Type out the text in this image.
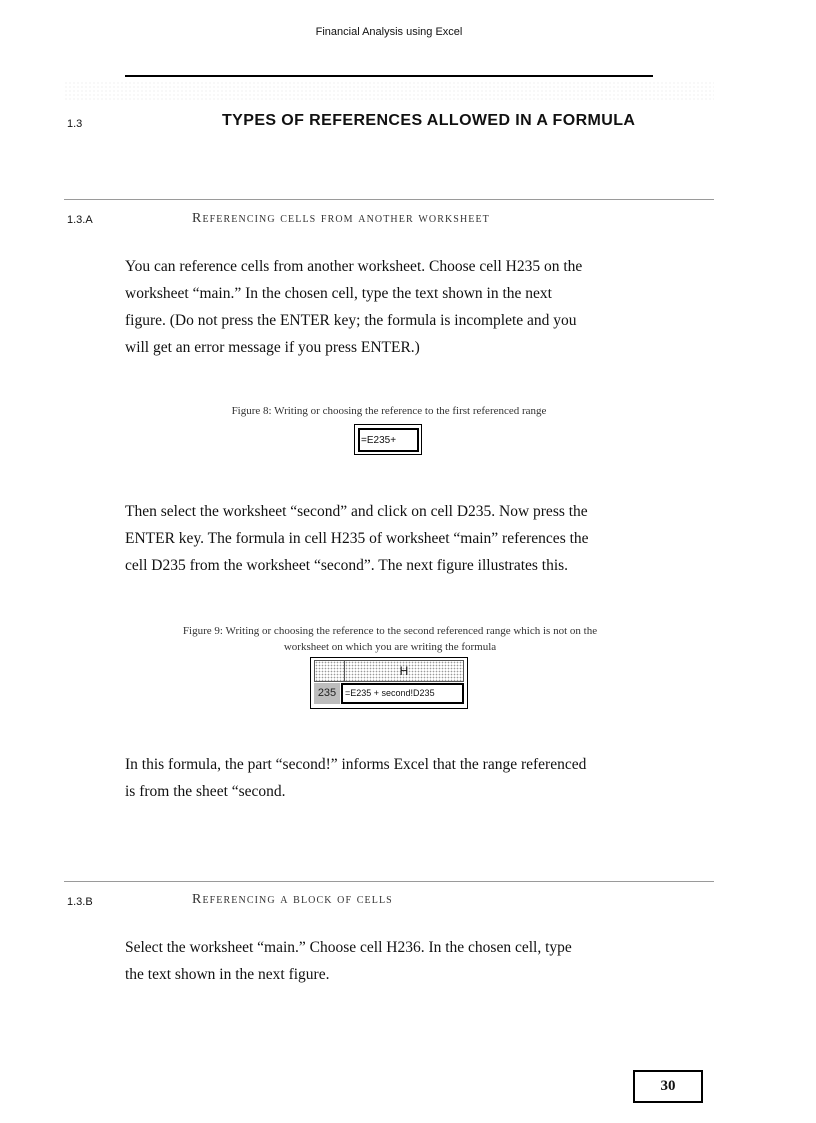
Financial Analysis using Excel
1.3	TYPES OF REFERENCES ALLOWED IN A FORMULA
1.3.A	Referencing cells from another worksheet
You can reference cells from another worksheet. Choose cell H235 on the
worksheet “main.” In the chosen cell, type the text shown in the next
figure. (Do not press the ENTER key; the formula is incomplete and you
will get an error message if you press ENTER.)
Figure 8: Writing or choosing the reference to the first referenced range
=E235+
Then select the worksheet “second” and click on cell D235. Now press the
ENTER key. The formula in cell H235 of worksheet “main” references the
cell D235 from the worksheet “second”. The next figure illustrates this.
Figure 9: Writing or choosing the reference to the second referenced range which is not on the
worksheet on which you are writing the formula
H
235 =E235 + second!D235
In this formula, the part “second!” informs Excel that the range referenced
is from the sheet “second.
1.3.B	Referencing a block of cells
Select the worksheet “main.” Choose cell H236. In the chosen cell, type
the text shown in the next figure.
30
